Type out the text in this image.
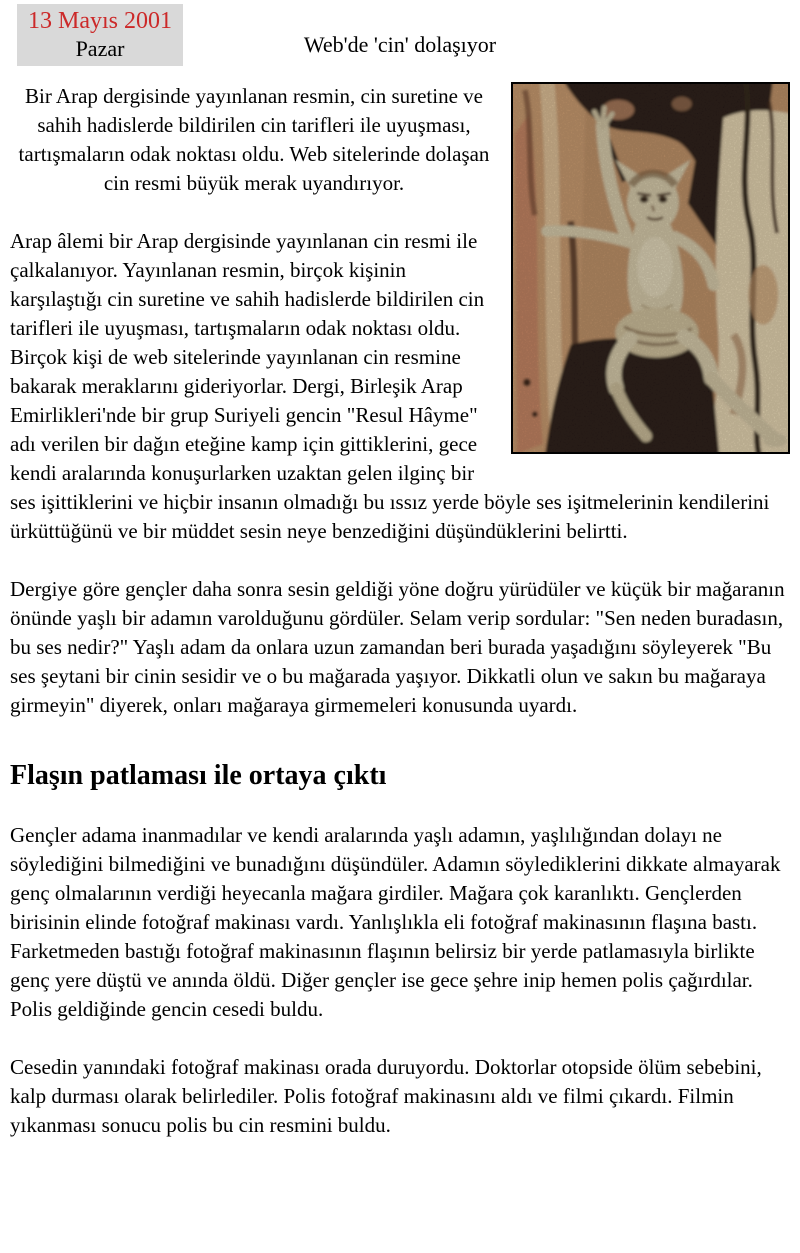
13 Mayıs 2001
Pazar	Web'de 'cin' dolaşıyor

Bir Arap dergisinde yayınlanan resmin, cin suretine ve sahih hadislerde bildirilen cin tarifleri ile uyuşması, tartışmaların odak noktası oldu. Web sitelerinde dolaşan cin resmi büyük merak uyandırıyor.

Arap âlemi bir Arap dergisinde yayınlanan cin resmi ile çalkalanıyor. Yayınlanan resmin, birçok kişinin karşılaştığı cin suretine ve sahih hadislerde bildirilen cin tarifleri ile uyuşması, tartışmaların odak noktası oldu. Birçok kişi de web sitelerinde yayınlanan cin resmine bakarak meraklarını gideriyorlar. Dergi, Birleşik Arap Emirlikleri'nde bir grup Suriyeli gencin "Resul Hâyme" adı verilen bir dağın eteğine kamp için gittiklerini, gece kendi aralarında konuşurlarken uzaktan gelen ilginç bir ses işittiklerini ve hiçbir insanın olmadığı bu ıssız yerde böyle ses işitmelerinin kendilerini ürküttüğünü ve bir müddet sesin neye benzediğini düşündüklerini belirtti.

Dergiye göre gençler daha sonra sesin geldiği yöne doğru yürüdüler ve küçük bir mağaranın önünde yaşlı bir adamın varolduğunu gördüler. Selam verip sordular: "Sen neden buradasın, bu ses nedir?" Yaşlı adam da onlara uzun zamandan beri burada yaşadığını söyleyerek "Bu ses şeytani bir cinin sesidir ve o bu mağarada yaşıyor. Dikkatli olun ve sakın bu mağaraya girmeyin" diyerek, onları mağaraya girmemeleri konusunda uyardı.

Flaşın patlaması ile ortaya çıktı

Gençler adama inanmadılar ve kendi aralarında yaşlı adamın, yaşlılığından dolayı ne söylediğini bilmediğini ve bunadığını düşündüler. Adamın söylediklerini dikkate almayarak genç olmalarının verdiği heyecanla mağara girdiler. Mağara çok karanlıktı. Gençlerden birisinin elinde fotoğraf makinası vardı. Yanlışlıkla eli fotoğraf makinasının flaşına bastı. Farketmeden bastığı fotoğraf makinasının flaşının belirsiz bir yerde patlamasıyla birlikte genç yere düştü ve anında öldü. Diğer gençler ise gece şehre inip hemen polis çağırdılar. Polis geldiğinde gencin cesedi buldu.

Cesedin yanındaki fotoğraf makinası orada duruyordu. Doktorlar otopside ölüm sebebini, kalp durması olarak belirlediler. Polis fotoğraf makinasını aldı ve filmi çıkardı. Filmin yıkanması sonucu polis bu cin resmini buldu.
